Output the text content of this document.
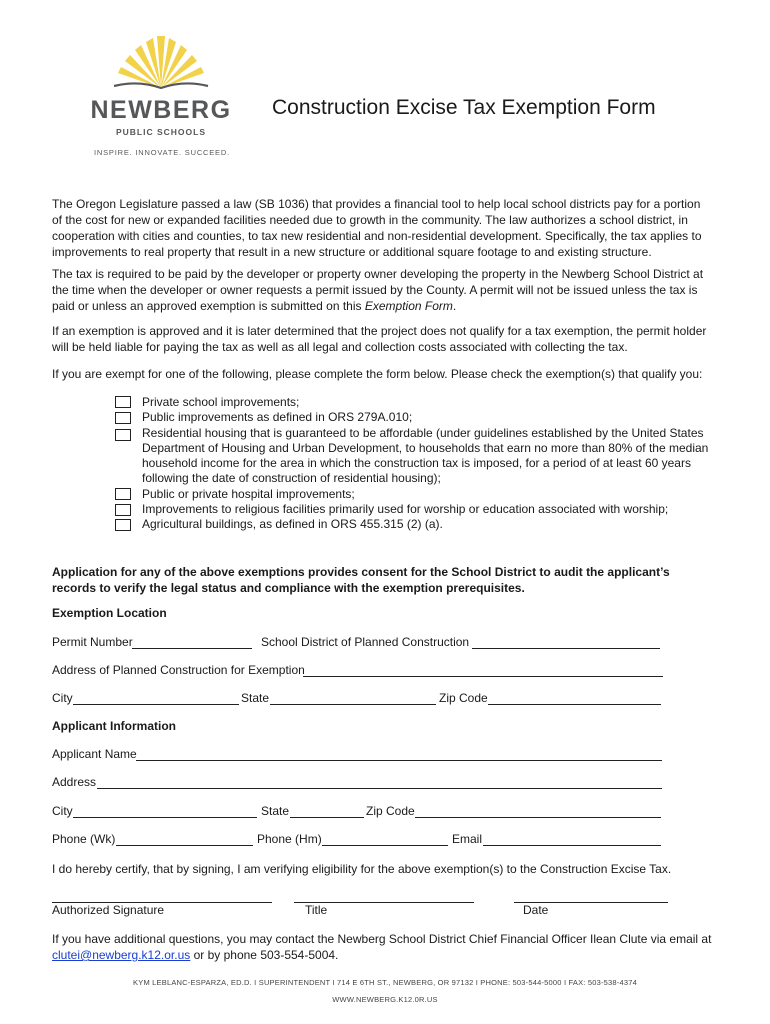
NEWBERG
PUBLIC SCHOOLS
INSPIRE. INNOVATE. SUCCEED.
Construction Excise Tax Exemption Form

The Oregon Legislature passed a law (SB 1036) that provides a financial tool to help local school districts pay for a portion of the cost for new or expanded facilities needed due to growth in the community. The law authorizes a school district, in cooperation with cities and counties, to tax new residential and non-residential development. Specifically, the tax applies to improvements to real property that result in a new structure or additional square footage to and existing structure.

The tax is required to be paid by the developer or property owner developing the property in the Newberg School District at the time when the developer or owner requests a permit issued by the County. A permit will not be issued unless the tax is paid or unless an approved exemption is submitted on this Exemption Form.

If an exemption is approved and it is later determined that the project does not qualify for a tax exemption, the permit holder will be held liable for paying the tax as well as all legal and collection costs associated with collecting the tax.

If you are exempt for one of the following, please complete the form below. Please check the exemption(s) that qualify you:

Private school improvements;
Public improvements as defined in ORS 279A.010;
Residential housing that is guaranteed to be affordable (under guidelines established by the United States Department of Housing and Urban Development, to households that earn no more than 80% of the median household income for the area in which the construction tax is imposed, for a period of at least 60 years following the date of construction of residential housing);
Public or private hospital improvements;
Improvements to religious facilities primarily used for worship or education associated with worship;
Agricultural buildings, as defined in ORS 455.315 (2) (a).

Application for any of the above exemptions provides consent for the School District to audit the applicant’s records to verify the legal status and compliance with the exemption prerequisites.

Exemption Location
Permit Number	School District of Planned Construction
Address of Planned Construction for Exemption
City	State	Zip Code
Applicant Information
Applicant Name
Address
City	State	Zip Code
Phone (Wk)	Phone (Hm)	Email

I do hereby certify, that by signing, I am verifying eligibility for the above exemption(s) to the Construction Excise Tax.

Authorized Signature	Title	Date

If you have additional questions, you may contact the Newberg School District Chief Financial Officer Ilean Clute via email at
clutei@newberg.k12.or.us or by phone 503-554-5004.

KYM LEBLANC-ESPARZA, ED.D. I SUPERINTENDENT I 714 E 6TH ST., NEWBERG, OR 97132 I PHONE: 503-544-5000 I FAX: 503-538-4374
WWW.NEWBERG.K12.0R.US
